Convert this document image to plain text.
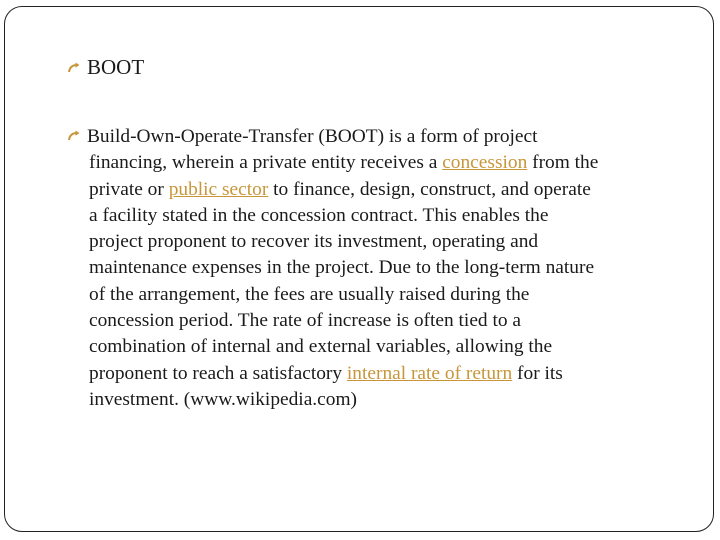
BOOT
Build-Own-Operate-Transfer (BOOT) is a form of project
financing, wherein a private entity receives a concession from the
private or public sector to finance, design, construct, and operate
a facility stated in the concession contract. This enables the
project proponent to recover its investment, operating and
maintenance expenses in the project. Due to the long-term nature
of the arrangement, the fees are usually raised during the
concession period. The rate of increase is often tied to a
combination of internal and external variables, allowing the
proponent to reach a satisfactory internal rate of return for its
investment. (www.wikipedia.com)
